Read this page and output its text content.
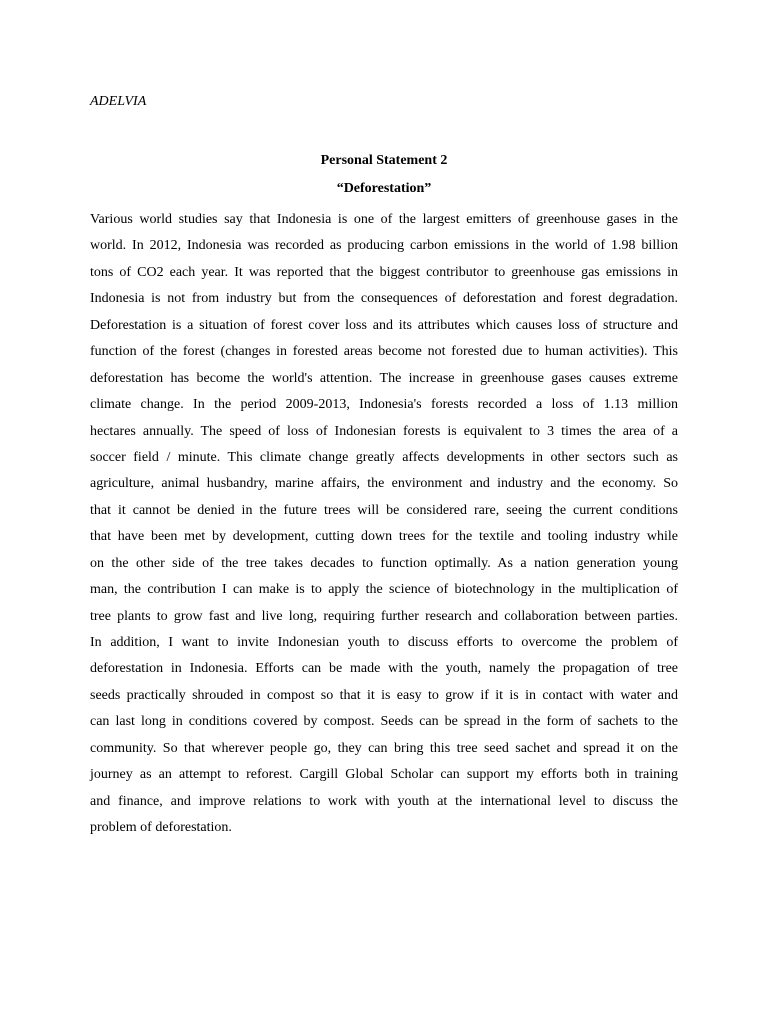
ADELVIA
Personal Statement 2
“Deforestation”
Various world studies say that Indonesia is one of the largest emitters of greenhouse gases in the
world. In 2012, Indonesia was recorded as producing carbon emissions in the world of 1.98 billion
tons of CO2 each year. It was reported that the biggest contributor to greenhouse gas emissions in
Indonesia is not from industry but from the consequences of deforestation and forest degradation.
Deforestation is a situation of forest cover loss and its attributes which causes loss of structure and
function of the forest (changes in forested areas become not forested due to human activities). This
deforestation has become the world's attention. The increase in greenhouse gases causes extreme
climate change. In the period 2009-2013, Indonesia's forests recorded a loss of 1.13 million
hectares annually. The speed of loss of Indonesian forests is equivalent to 3 times the area of a
soccer field / minute. This climate change greatly affects developments in other sectors such as
agriculture, animal husbandry, marine affairs, the environment and industry and the economy. So
that it cannot be denied in the future trees will be considered rare, seeing the current conditions
that have been met by development, cutting down trees for the textile and tooling industry while
on the other side of the tree takes decades to function optimally. As a nation generation young
man, the contribution I can make is to apply the science of biotechnology in the multiplication of
tree plants to grow fast and live long, requiring further research and collaboration between parties.
In addition, I want to invite Indonesian youth to discuss efforts to overcome the problem of
deforestation in Indonesia. Efforts can be made with the youth, namely the propagation of tree
seeds practically shrouded in compost so that it is easy to grow if it is in contact with water and
can last long in conditions covered by compost. Seeds can be spread in the form of sachets to the
community. So that wherever people go, they can bring this tree seed sachet and spread it on the
journey as an attempt to reforest. Cargill Global Scholar can support my efforts both in training
and finance, and improve relations to work with youth at the international level to discuss the
problem of deforestation.
